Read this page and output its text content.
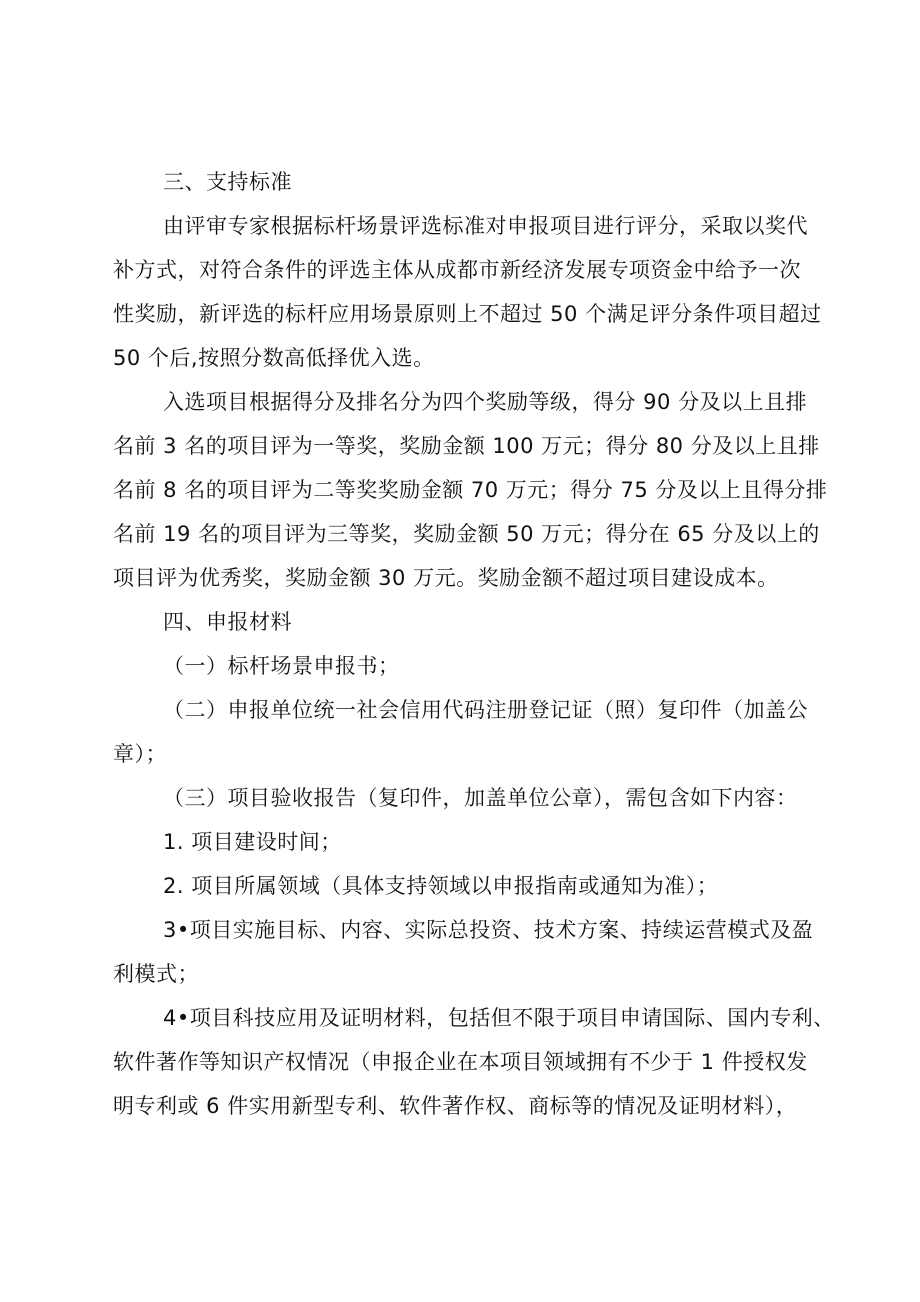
三、支持标准
由评审专家根据标杆场景评选标准对申报项目进行评分，采取以奖代
补方式，对符合条件的评选主体从成都市新经济发展专项资金中给予一次
性奖励，新评选的标杆应用场景原则上不超过 50 个满足评分条件项目超过
50 个后,按照分数高低择优入选。
入选项目根据得分及排名分为四个奖励等级，得分 90 分及以上且排
名前 3 名的项目评为一等奖，奖励金额 100 万元；得分 80 分及以上且排
名前 8 名的项目评为二等奖奖励金额 70 万元；得分 75 分及以上且得分排
名前 19 名的项目评为三等奖，奖励金额 50 万元；得分在 65 分及以上的
项目评为优秀奖，奖励金额 30 万元。奖励金额不超过项目建设成本。
四、申报材料
（一）标杆场景申报书；
（二）申报单位统一社会信用代码注册登记证（照）复印件（加盖公
章）；
（三）项目验收报告（复印件，加盖单位公章），需包含如下内容：
1. 项目建设时间；
2. 项目所属领域（具体支持领域以申报指南或通知为准）；
3•项目实施目标、内容、实际总投资、技术方案、持续运营模式及盈
利模式；
4•项目科技应用及证明材料，包括但不限于项目申请国际、国内专利、
软件著作等知识产权情况（申报企业在本项目领域拥有不少于 1 件授权发
明专利或 6 件实用新型专利、软件著作权、商标等的情况及证明材料），
